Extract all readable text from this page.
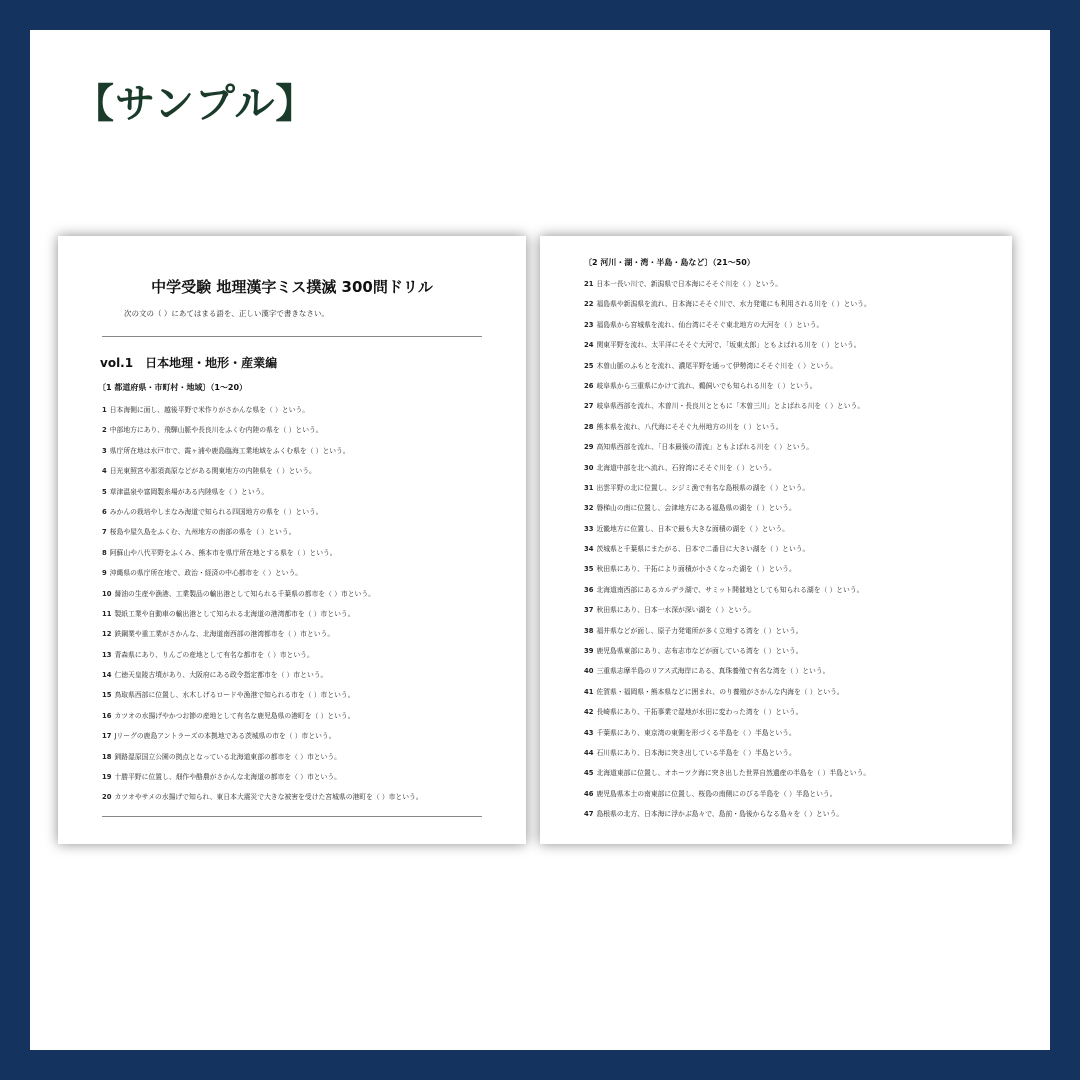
【サンプル】
中学受験 地理漢字ミス撲滅 300問ドリル
次の文の（ ）にあてはまる語を、正しい漢字で書きなさい。
vol.1　日本地理・地形・産業編
〔1 都道府県・市町村・地域〕（1〜20）
1 日本海側に面し、越後平野で米作りがさかんな県を（ ）という。
2 中部地方にあり、飛騨山脈や長良川をふくむ内陸の県を（ ）という。
3 県庁所在地は水戸市で、霞ヶ浦や鹿島臨海工業地域をふくむ県を（ ）という。
4 日光東照宮や那須高原などがある関東地方の内陸県を（ ）という。
5 草津温泉や富岡製糸場がある内陸県を（ ）という。
6 みかんの栽培やしまなみ海道で知られる四国地方の県を（ ）という。
7 桜島や屋久島をふくむ、九州地方の南部の県を（ ）という。
8 阿蘇山や八代平野をふくみ、熊本市を県庁所在地とする県を（ ）という。
9 沖縄県の県庁所在地で、政治・経済の中心都市を（ ）という。
10 醤油の生産や漁港、工業製品の輸出港として知られる千葉県の都市を（ ）市という。
11 製紙工業や自動車の輸出港として知られる北海道の港湾都市を（ ）市という。
12 鉄鋼業や重工業がさかんな、北海道南西部の港湾都市を（ ）市という。
13 青森県にあり、りんごの産地として有名な都市を（ ）市という。
14 仁徳天皇陵古墳があり、大阪府にある政令指定都市を（ ）市という。
15 鳥取県西部に位置し、水木しげるロードや漁港で知られる市を（ ）市という。
16 カツオの水揚げやかつお節の産地として有名な鹿児島県の港町を（ ）という。
17 Jリーグの鹿島アントラーズの本拠地である茨城県の市を（ ）市という。
18 釧路湿原国立公園の拠点となっている北海道東部の都市を（ ）市という。
19 十勝平野に位置し、畑作や酪農がさかんな北海道の都市を（ ）市という。
20 カツオやサメの水揚げで知られ、東日本大震災で大きな被害を受けた宮城県の港町を（ ）市という。
〔2 河川・湖・湾・半島・島など〕（21〜50）
21 日本一長い川で、新潟県で日本海にそそぐ川を（ ）という。
22 福島県や新潟県を流れ、日本海にそそぐ川で、水力発電にも利用される川を（ ）という。
23 福島県から宮城県を流れ、仙台湾にそそぐ東北地方の大河を（ ）という。
24 関東平野を流れ、太平洋にそそぐ大河で、「坂東太郎」ともよばれる川を（ ）という。
25 木曽山脈のふもとを流れ、濃尾平野を通って伊勢湾にそそぐ川を（ ）という。
26 岐阜県から三重県にかけて流れ、鵜飼いでも知られる川を（ ）という。
27 岐阜県西部を流れ、木曽川・長良川とともに「木曽三川」とよばれる川を（ ）という。
28 熊本県を流れ、八代海にそそぐ九州地方の川を（ ）という。
29 高知県西部を流れ、「日本最後の清流」ともよばれる川を（ ）という。
30 北海道中部を北へ流れ、石狩湾にそそぐ川を（ ）という。
31 出雲平野の北に位置し、シジミ漁で有名な島根県の湖を（ ）という。
32 磐梯山の南に位置し、会津地方にある福島県の湖を（ ）という。
33 近畿地方に位置し、日本で最も大きな面積の湖を（ ）という。
34 茨城県と千葉県にまたがる、日本で二番目に大きい湖を（ ）という。
35 秋田県にあり、干拓により面積が小さくなった湖を（ ）という。
36 北海道南西部にあるカルデラ湖で、サミット開催地としても知られる湖を（ ）という。
37 秋田県にあり、日本一水深が深い湖を（ ）という。
38 福井県などが面し、原子力発電所が多く立地する湾を（ ）という。
39 鹿児島県東部にあり、志布志市などが面している湾を（ ）という。
40 三重県志摩半島のリアス式海岸にある、真珠養殖で有名な湾を（ ）という。
41 佐賀県・福岡県・熊本県などに囲まれ、のり養殖がさかんな内海を（ ）という。
42 長崎県にあり、干拓事業で湿地が水田に変わった湾を（ ）という。
43 千葉県にあり、東京湾の東側を形づくる半島を（ ）半島という。
44 石川県にあり、日本海に突き出している半島を（ ）半島という。
45 北海道東部に位置し、オホーツク海に突き出した世界自然遺産の半島を（ ）半島という。
46 鹿児島県本土の南東部に位置し、桜島の南側にのびる半島を（ ）半島という。
47 島根県の北方、日本海に浮かぶ島々で、島前・島後からなる島々を（ ）という。
